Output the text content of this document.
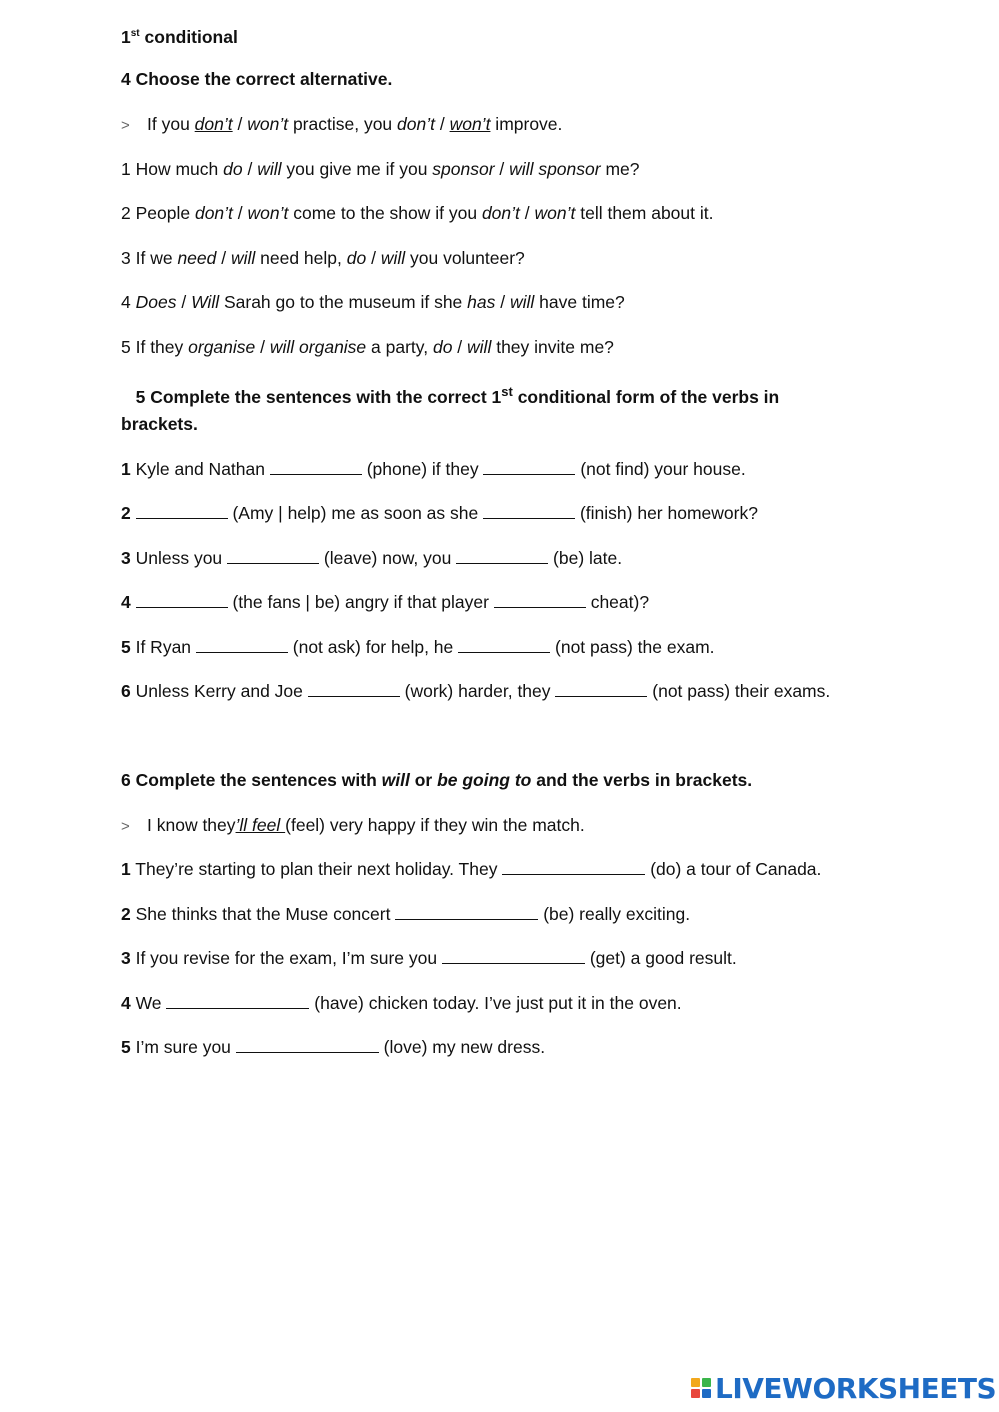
1st conditional
4 Choose the correct alternative.
> If you don’t / won’t practise, you don’t / won’t improve.
1 How much do / will you give me if you sponsor / will sponsor me?
2 People don’t / won’t come to the show if you don’t / won’t tell them about it.
3 If we need / will need help, do / will you volunteer?
4 Does / Will Sarah go to the museum if she has / will have time?
5 If they organise / will organise a party, do / will they invite me?
5 Complete the sentences with the correct 1st conditional form of the verbs in
brackets.
1 Kyle and Nathan	(phone) if they	(not find) your house.
2	(Amy | help) me as soon as she	(finish) her homework?
3 Unless you	(leave) now, you	(be) late.
4	(the fans | be) angry if that player	cheat)?
5 If Ryan	(not ask) for help, he	(not pass) the exam.
6 Unless Kerry and Joe	(work) harder, they	(not pass) their exams.
6 Complete the sentences with will or be going to and the verbs in brackets.
> I know they’ll feel (feel) very happy if they win the match.
1 They’re starting to plan their next holiday. They	(do) a tour of Canada.
2 She thinks that the Muse concert	(be) really exciting.
3 If you revise for the exam, I’m sure you	(get) a good result.
4 We	(have) chicken today. I’ve just put it in the oven.
5 I’m sure you	(love) my new dress.
LIVEWORKSHEETS
